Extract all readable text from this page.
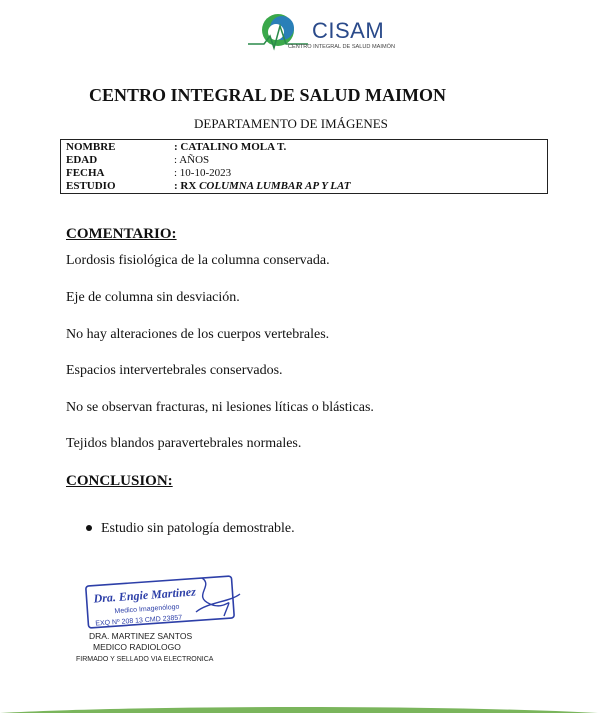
CISAM
CENTRO INTEGRAL DE SALUD MAIMÓN
CENTRO INTEGRAL DE SALUD MAIMON
DEPARTAMENTO DE IMÁGENES
NOMBRE	: CATALINO MOLA T.
EDAD	: AÑOS
FECHA	: 10-10-2023
ESTUDIO	: RX COLUMNA LUMBAR AP Y LAT
COMENTARIO:
Lordosis fisiológica de la columna conservada.
Eje de columna sin desviación.
No hay alteraciones de los cuerpos vertebrales.
Espacios intervertebrales conservados.
No se observan fracturas, ni lesiones líticas o blásticas.
Tejidos blandos paravertebrales normales.
CONCLUSION:
Estudio sin patología demostrable.
Dra. Engie Martinez
Medico Imagenólogo
EXQ Nº 208 13 CMD 23857
DRA. MARTINEZ SANTOS
MEDICO RADIOLOGO
FIRMADO Y SELLADO VIA ELECTRONICA
